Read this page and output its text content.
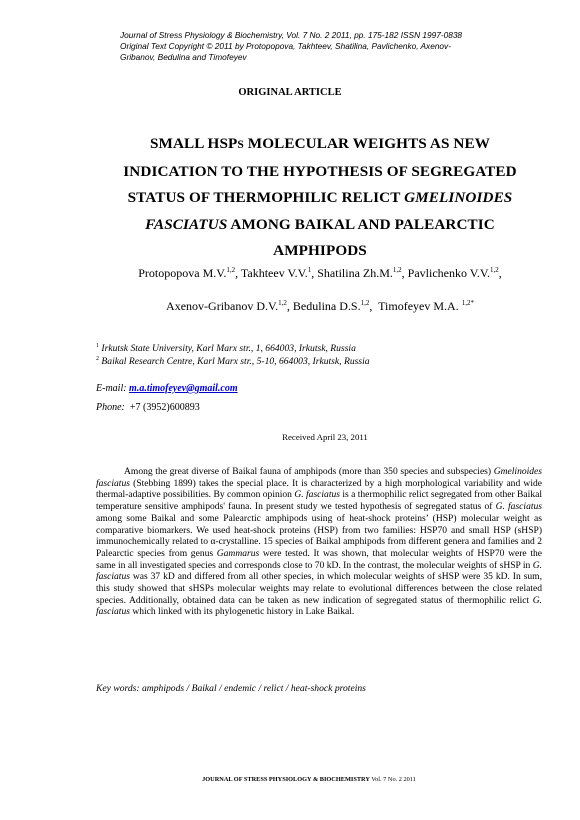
Journal of Stress Physiology & Biochemistry, Vol. 7 No. 2 2011, pp. 175-182 ISSN 1997-0838
Original Text Copyright © 2011 by Protopopova, Takhteev, Shatilina, Pavlichenko, Axenov-
Gribanov, Bedulina and Timofeyev
ORIGINAL ARTICLE
SMALL HSPS MOLECULAR WEIGHTS AS NEW
INDICATION TO THE HYPOTHESIS OF SEGREGATED
STATUS OF THERMOPHILIC RELICT GMELINOIDES
FASCIATUS AMONG BAIKAL AND PALEARCTIC
AMPHIPODS
Protopopova M.V.$^{1,2}$, Takhteev V.V.$^1$, Shatilina Zh.M.$^{1,2}$, Pavlichenko V.V.$^{1,2}$,
Axenov-Gribanov D.V.$^{1,2}$, Bedulina D.S.$^{1,2}$,  Timofeyev M.A. $^{1,2*}$
$^1$ Irkutsk State University, Karl Marx str., 1, 664003, Irkutsk, Russia
$^2$ Baikal Research Centre, Karl Marx str., 5-10, 664003, Irkutsk, Russia
E-mail: m.a.timofeyev@gmail.com
Phone: +7 (3952)600893
Received April 23, 2011

Among the great diverse of Baikal fauna of amphipods (more than 350 species and subspecies) Gmelinoides fasciatus (Stebbing 1899) takes the special place. It is characterized by a high morphological variability and wide thermal-adaptive possibilities. By common opinion G. fasciatus is a thermophilic relict segregated from other Baikal temperature sensitive amphipods' fauna. In present study we tested hypothesis of segregated status of G. fasciatus among some Baikal and some Palearctic amphipods using of heat-shock proteins’ (HSP) molecular weight as comparative biomarkers. We used heat-shock proteins (HSP) from two families: HSP70 and small HSP (sHSP) immunochemically related to α-crystalline. 15 species of Baikal amphipods from different genera and families and 2 Palearctic species from genus Gammarus were tested. It was shown, that molecular weights of HSP70 were the same in all investigated species and corresponds close to 70 kD. In the contrast, the molecular weights of sHSP in G. fasciatus was 37 kD and differed from all other species, in which molecular weights of sHSP were 35 kD. In sum, this study showed that sHSPs molecular weights may relate to evolutional differences between the close related species. Additionally, obtained data can be taken as new indication of segregated status of thermophilic relict G. fasciatus which linked with its phylogenetic history in Lake Baikal.

Key words: amphipods / Baikal / endemic / relict / heat-shock proteins
JOURNAL OF STRESS PHYSIOLOGY & BIOCHEMISTRY Vol. 7 No. 2 2011
